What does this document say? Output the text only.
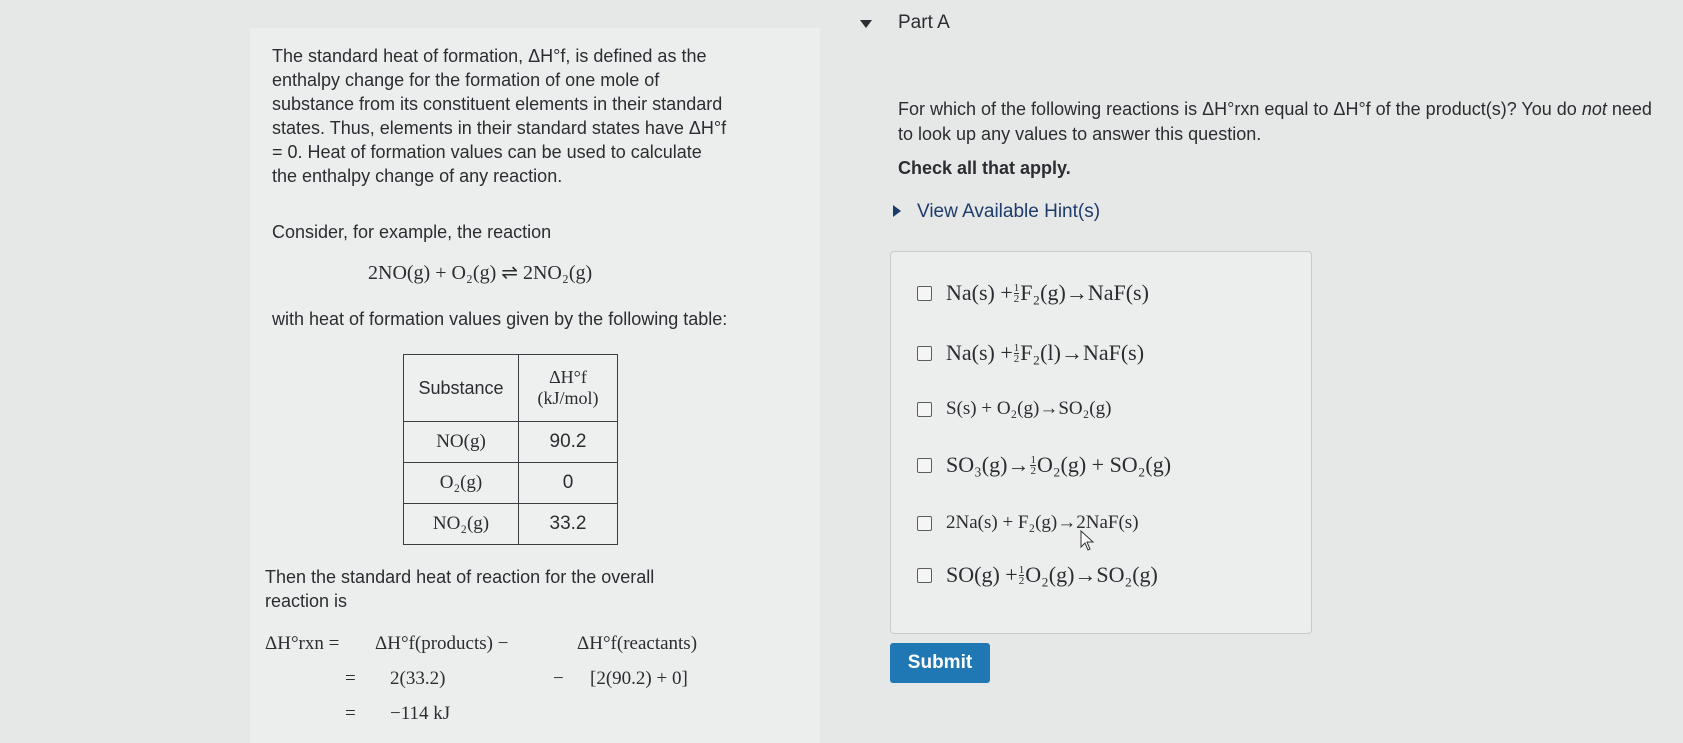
The standard heat of formation, ΔH°f, is defined as the enthalpy change for the formation of one mole of substance from its constituent elements in their standard states. Thus, elements in their standard states have ΔH°f = 0. Heat of formation values can be used to calculate the enthalpy change of any reaction.
Consider, for example, the reaction
2NO(g) + O₂(g) ⇌ 2NO₂(g)
with heat of formation values given by the following table:
Substance	ΔH°f
(kJ/mol)

NO(g)	90.2
O₂(g)	0
NO₂(g)	33.2
Then the standard heat of reaction for the overall reaction is
ΔH°rxn = ΔH°f(products) −	ΔH°f(reactants)
= 2(33.2)	− [2(90.2) + 0]
= −114 kJ
Part A
For which of the following reactions is ΔH°rxn equal to ΔH°f of the product(s)? You do not need to look up any values to answer this question.
Check all that apply.
View Available Hint(s)
$Na(s) + \frac{1}{2} F_2(g)\to NaF(s)$
$Na(s) + \frac{1}{2} F_2(l)\to NaF(s)$
S(s) + O₂(g)→SO₂(g)
$SO_3(g)\to \frac{1}{2} O_2(g) + SO_2(g)$
2Na(s) + F₂(g)→2NaF(s)
$SO(g) + \frac{1}{2} O_2(g)\to SO_2(g)$
Submit
